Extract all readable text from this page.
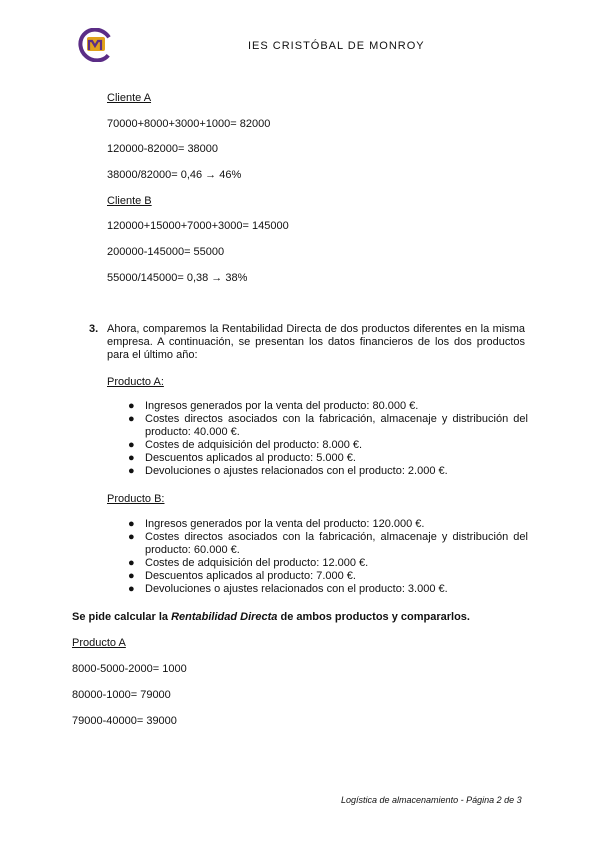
IES CRISTÓBAL DE MONROY
Cliente A
70000+8000+3000+1000= 82000
120000-82000= 38000
38000/82000= 0,46 → 46%
Cliente B
120000+15000+7000+3000= 145000
200000-145000= 55000
55000/145000= 0,38 → 38%
3. Ahora, comparemos la Rentabilidad Directa de dos productos diferentes en la misma empresa. A continuación, se presentan los datos financieros de los dos productos para el último año:
Producto A:
● Ingresos generados por la venta del producto: 80.000 €.
● Costes directos asociados con la fabricación, almacenaje y distribución del producto: 40.000 €.
● Costes de adquisición del producto: 8.000 €.
● Descuentos aplicados al producto: 5.000 €.
● Devoluciones o ajustes relacionados con el producto: 2.000 €.
Producto B:
● Ingresos generados por la venta del producto: 120.000 €.
● Costes directos asociados con la fabricación, almacenaje y distribución del producto: 60.000 €.
● Costes de adquisición del producto: 12.000 €.
● Descuentos aplicados al producto: 7.000 €.
● Devoluciones o ajustes relacionados con el producto: 3.000 €.
Se pide calcular la Rentabilidad Directa de ambos productos y compararlos.
Producto A
8000-5000-2000= 1000
80000-1000= 79000
79000-40000= 39000
Logística de almacenamiento - Página 2 de 3
